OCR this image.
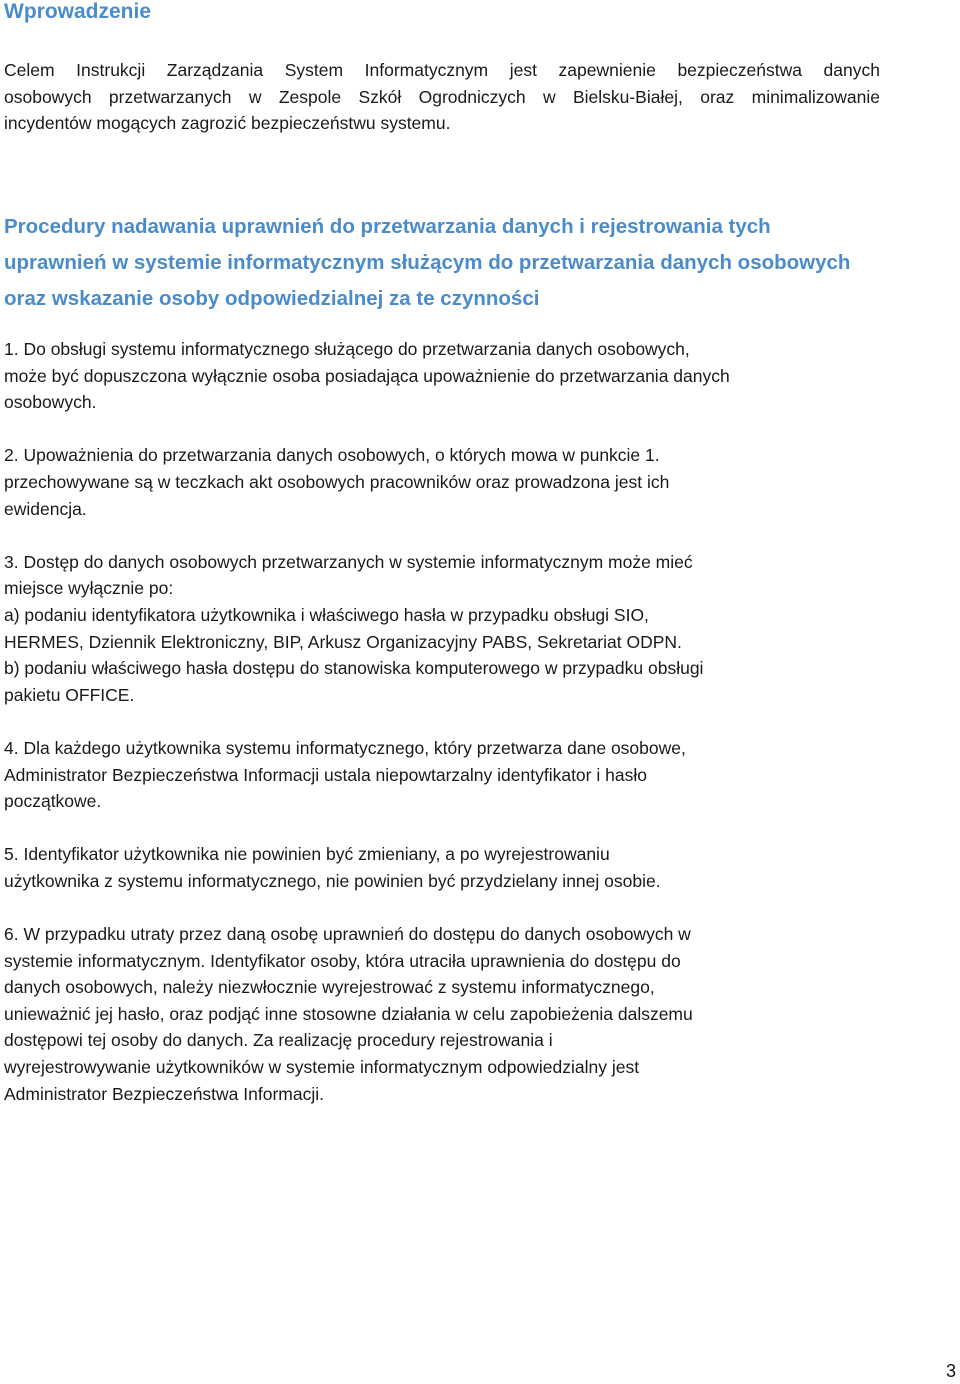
Wprowadzenie

Celem Instrukcji Zarządzania System Informatycznym jest zapewnienie bezpieczeństwa danych
osobowych przetwarzanych w Zespole Szkół Ogrodniczych w Bielsku-Białej, oraz minimalizowanie
incydentów mogących zagrozić bezpieczeństwu systemu.

Procedury nadawania uprawnień do przetwarzania danych i rejestrowania tych
uprawnień w systemie informatycznym służącym do przetwarzania danych osobowych
oraz wskazanie osoby odpowiedzialnej za te czynności

1. Do obsługi systemu informatycznego służącego do przetwarzania danych osobowych,
może być dopuszczona wyłącznie osoba posiadająca upoważnienie do przetwarzania danych
osobowych.

2. Upoważnienia do przetwarzania danych osobowych, o których mowa w punkcie 1.
przechowywane są w teczkach akt osobowych pracowników oraz prowadzona jest ich
ewidencja.

3. Dostęp do danych osobowych przetwarzanych w systemie informatycznym może mieć
miejsce wyłącznie po:
a) podaniu identyfikatora użytkownika i właściwego hasła w przypadku obsługi SIO,
HERMES, Dziennik Elektroniczny, BIP, Arkusz Organizacyjny PABS, Sekretariat ODPN.
b) podaniu właściwego hasła dostępu do stanowiska komputerowego w przypadku obsługi
pakietu OFFICE.

4. Dla każdego użytkownika systemu informatycznego, który przetwarza dane osobowe,
Administrator Bezpieczeństwa Informacji ustala niepowtarzalny identyfikator i hasło
początkowe.

5. Identyfikator użytkownika nie powinien być zmieniany, a po wyrejestrowaniu
użytkownika z systemu informatycznego, nie powinien być przydzielany innej osobie.

6. W przypadku utraty przez daną osobę uprawnień do dostępu do danych osobowych w
systemie informatycznym. Identyfikator osoby, która utraciła uprawnienia do dostępu do
danych osobowych, należy niezwłocznie wyrejestrować z systemu informatycznego,
unieważnić jej hasło, oraz podjąć inne stosowne działania w celu zapobieżenia dalszemu
dostępowi tej osoby do danych. Za realizację procedury rejestrowania i
wyrejestrowywanie użytkowników w systemie informatycznym odpowiedzialny jest
Administrator Bezpieczeństwa Informacji.

3
